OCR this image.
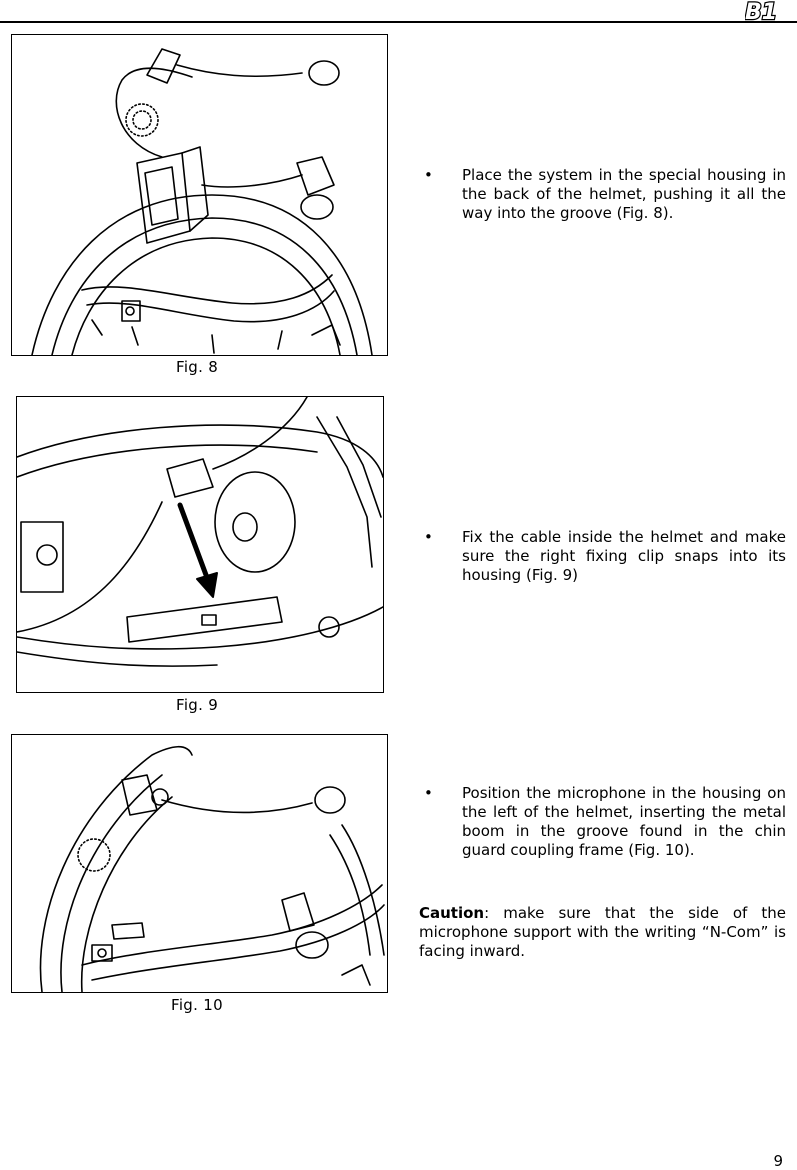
B1
Fig. 8
Fig. 9
Fig. 10
• Place the system in the special housing in the back of the helmet, pushing it all the way into the groove (Fig. 8).
• Fix the cable inside the helmet and make sure the right fixing clip snaps into its housing (Fig. 9)
• Position the microphone in the housing on the left of the helmet, inserting the metal boom in the groove found in the chin guard coupling frame (Fig. 10).
Caution: make sure that the side of the microphone support with the writing “N-Com” is facing inward.
9
